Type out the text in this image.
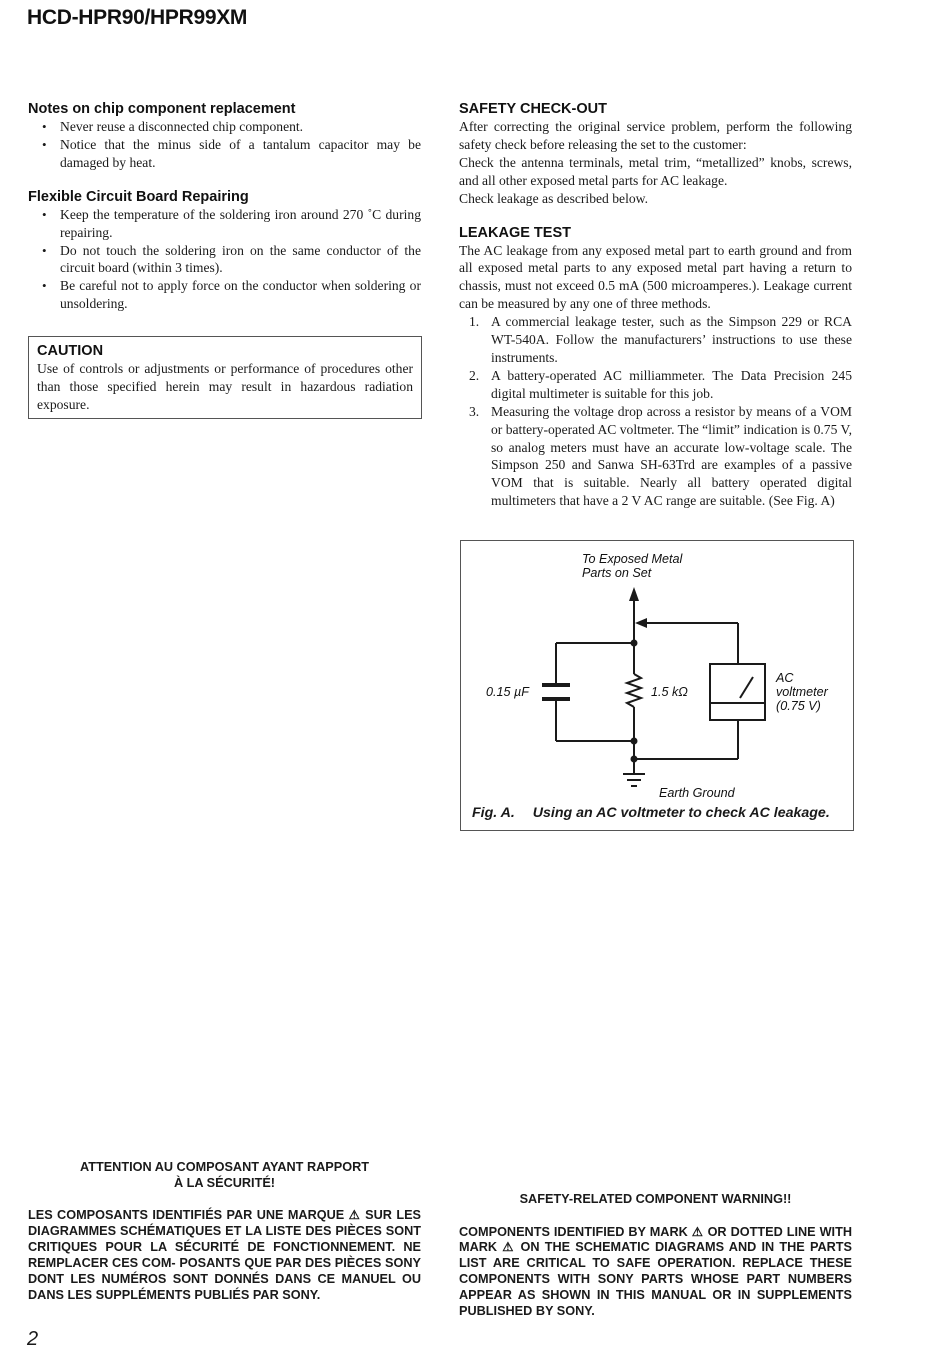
HCD-HPR90/HPR99XM
Notes on chip component replacement
• Never reuse a disconnected chip component.
• Notice that the minus side of a tantalum capacitor may be damaged by heat.
Flexible Circuit Board Repairing
• Keep the temperature of the soldering iron around 270 ˚C during repairing.
• Do not touch the soldering iron on the same conductor of the circuit board (within 3 times).
• Be careful not to apply force on the conductor when soldering or unsoldering.
CAUTION

Use of controls or adjustments or performance of procedures other than those specified herein may result in hazardous radiation exposure.

SAFETY CHECK-OUT

After correcting the original service problem, perform the following safety check before releasing the set to the customer:

Check the antenna terminals, metal trim, “metallized” knobs, screws, and all other exposed metal parts for AC leakage.

Check leakage as described below.

LEAKAGE TEST

The AC leakage from any exposed metal part to earth ground and from all exposed metal parts to any exposed metal part having a return to chassis, must not exceed 0.5 mA (500 microamperes.). Leakage current can be measured by any one of three methods.

1. A commercial leakage tester, such as the Simpson 229 or RCA WT-540A. Follow the manufacturers’ instructions to use these instruments.
2. A battery-operated AC milliammeter. The Data Precision 245 digital multimeter is suitable for this job.
3. Measuring the voltage drop across a resistor by means of a VOM or battery-operated AC voltmeter. The “limit” indication is 0.75 V, so analog meters must have an accurate low-voltage scale. The Simpson 250 and Sanwa SH-63Trd are examples of a passive VOM that is suitable. Nearly all battery operated digital multimeters that have a 2 V AC range are suitable. (See Fig. A)
To Exposed Metal
Parts on Set
0.15 µF	1.5 kΩ
AC
voltmeter
(0.75 V)
Earth Ground
Fig. A. Using an AC voltmeter to check AC leakage.
ATTENTION AU COMPOSANT AYANT RAPPORT
À LA SÉCURITÉ!
LES COMPOSANTS IDENTIFIÉS PAR UNE MARQUE ⚠ SUR LES DIAGRAMMES SCHÉMATIQUES ET LA LISTE DES PIÈCES SONT CRITIQUES POUR LA SÉCURITÉ DE FONCTIONNEMENT. NE REMPLACER CES COM- POSANTS QUE PAR DES PIÈCES SONY DONT LES NUMÉROS SONT DONNÉS DANS CE MANUEL OU DANS LES SUPPLÉMENTS PUBLIÉS PAR SONY.
SAFETY-RELATED COMPONENT WARNING!!
COMPONENTS IDENTIFIED BY MARK ⚠ OR DOTTED LINE WITH MARK ⚠ ON THE SCHEMATIC DIAGRAMS AND IN THE PARTS LIST ARE CRITICAL TO SAFE OPERATION. REPLACE THESE COMPONENTS WITH SONY PARTS WHOSE PART NUMBERS APPEAR AS SHOWN IN THIS MANUAL OR IN SUPPLEMENTS PUBLISHED BY SONY.
2
